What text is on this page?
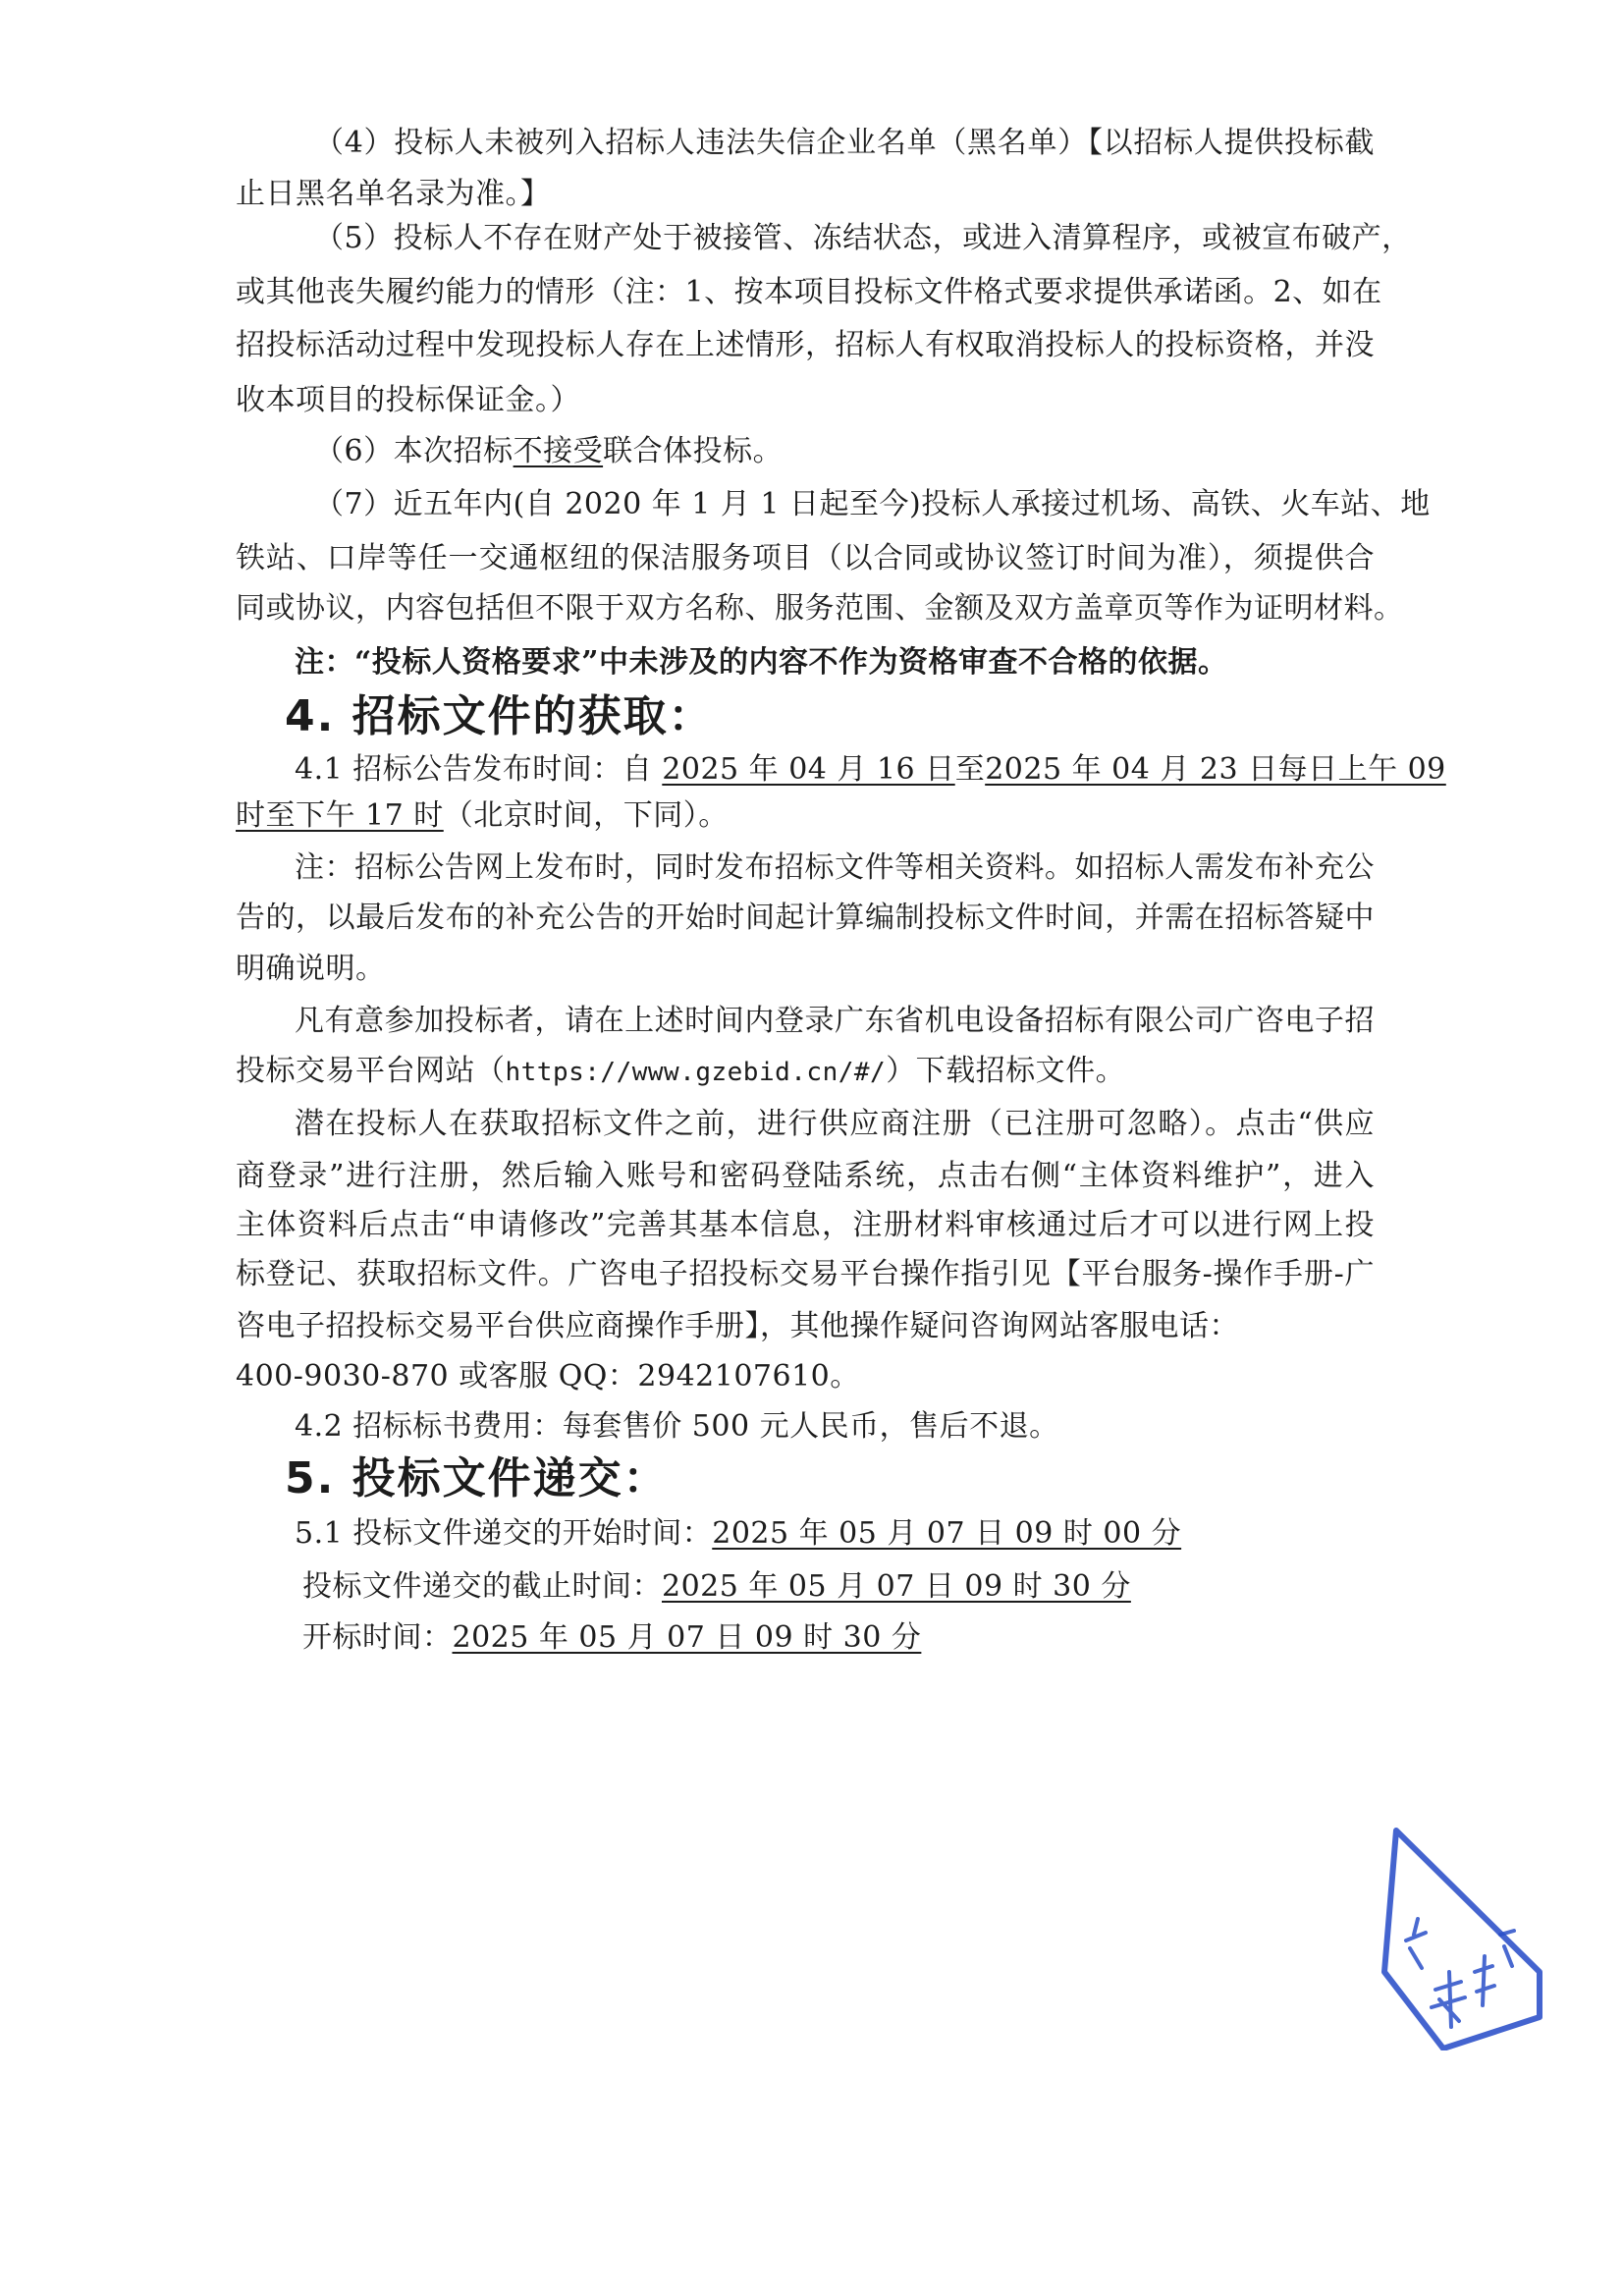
（4）投标人未被列入招标人违法失信企业名单（黑名单）【以招标人提供投标截
止日黑名单名录为准。】
（5）投标人不存在财产处于被接管、冻结状态，或进入清算程序，或被宣布破产，
或其他丧失履约能力的情形（注：1、按本项目投标文件格式要求提供承诺函。2、如在
招投标活动过程中发现投标人存在上述情形，招标人有权取消投标人的投标资格，并没
收本项目的投标保证金。）
（6）本次招标不接受联合体投标。
（7）近五年内(自 2020 年 1 月 1 日起至今)投标人承接过机场、高铁、火车站、地
铁站、口岸等任一交通枢纽的保洁服务项目（以合同或协议签订时间为准），须提供合
同或协议，内容包括但不限于双方名称、服务范围、金额及双方盖章页等作为证明材料。
注：“投标人资格要求”中未涉及的内容不作为资格审查不合格的依据。
4. 招标文件的获取：
4.1 招标公告发布时间：自 2025 年 04 月 16 日至2025 年 04 月 23 日每日上午 09
时至下午 17 时（北京时间，下同）。
注：招标公告网上发布时，同时发布招标文件等相关资料。如招标人需发布补充公
告的，以最后发布的补充公告的开始时间起计算编制投标文件时间，并需在招标答疑中
明确说明。
凡有意参加投标者，请在上述时间内登录广东省机电设备招标有限公司广咨电子招
投标交易平台网站（https://www.gzebid.cn/#/）下载招标文件。
潜在投标人在获取招标文件之前，进行供应商注册（已注册可忽略）。点击“供应
商登录”进行注册，然后输入账号和密码登陆系统，点击右侧“主体资料维护”，进入
主体资料后点击“申请修改”完善其基本信息，注册材料审核通过后才可以进行网上投
标登记、获取招标文件。广咨电子招投标交易平台操作指引见【平台服务-操作手册-广
咨电子招投标交易平台供应商操作手册】，其他操作疑问咨询网站客服电话：
400-9030-870 或客服 QQ：2942107610。
4.2 招标标书费用：每套售价 500 元人民币，售后不退。
5. 投标文件递交：
5.1 投标文件递交的开始时间：2025 年 05 月 07 日 09 时 00 分
投标文件递交的截止时间：2025 年 05 月 07 日 09 时 30 分
开标时间：2025 年 05 月 07 日 09 时 30 分
